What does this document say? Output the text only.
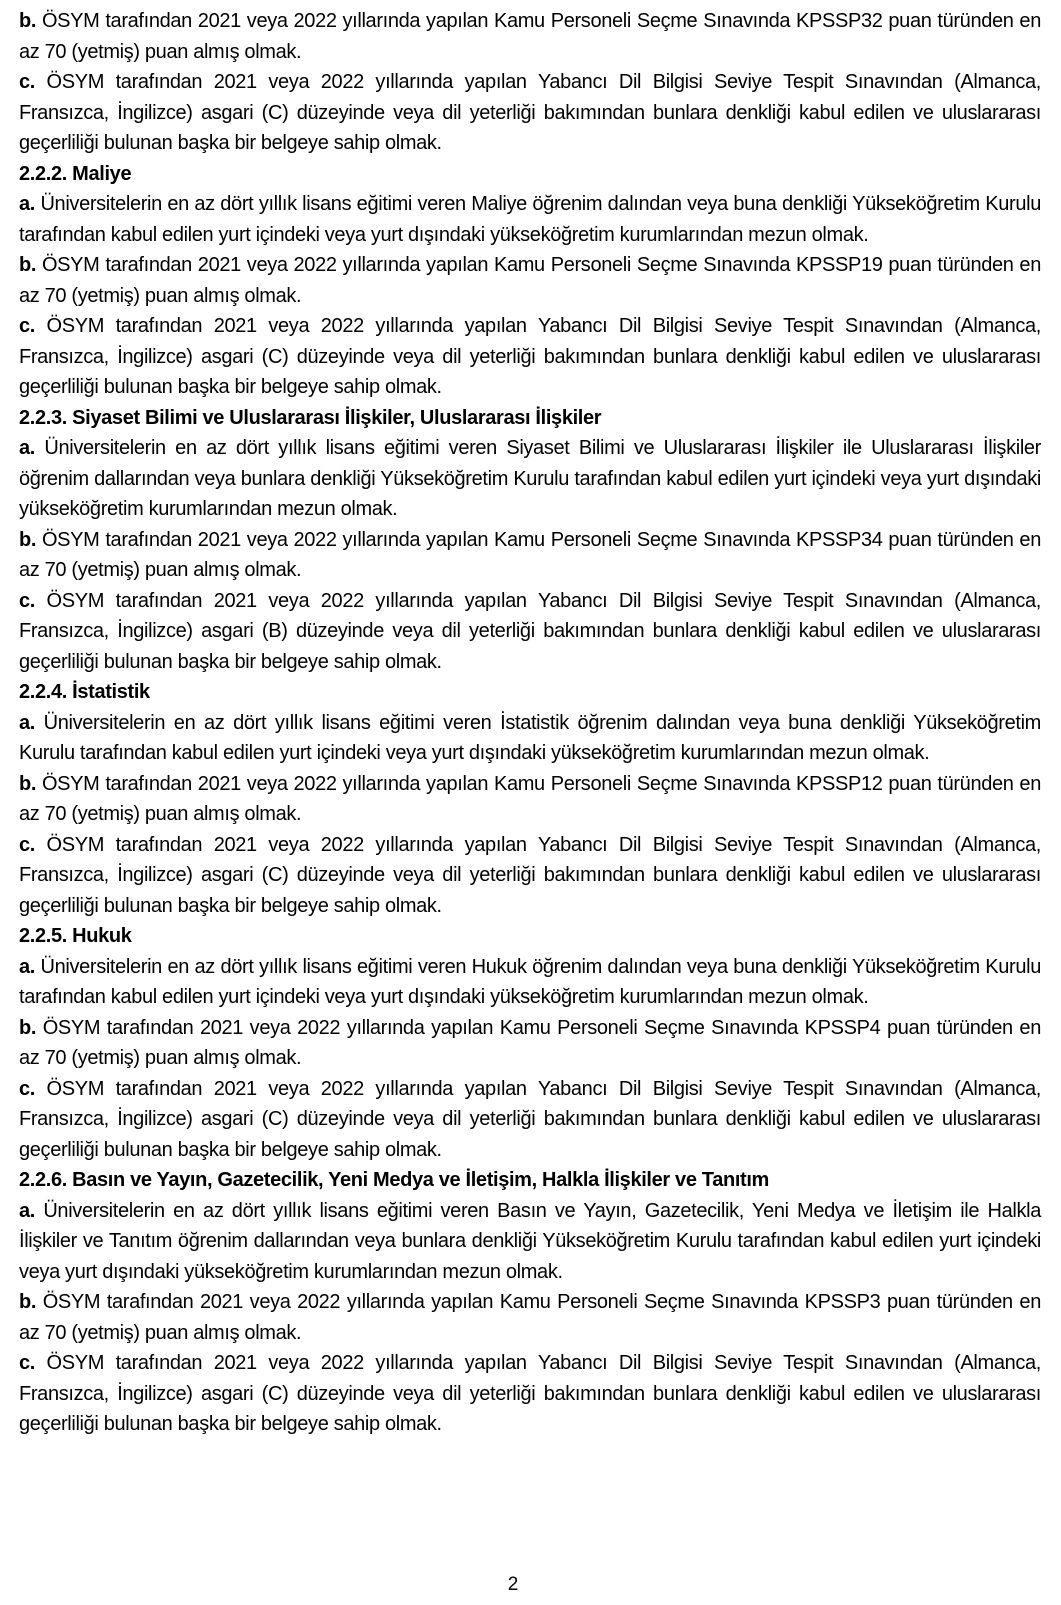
b. ÖSYM tarafından 2021 veya 2022 yıllarında yapılan Kamu Personeli Seçme Sınavında KPSSP32 puan türünden en az 70 (yetmiş) puan almış olmak.

c. ÖSYM tarafından 2021 veya 2022 yıllarında yapılan Yabancı Dil Bilgisi Seviye Tespit Sınavından (Almanca, Fransızca, İngilizce) asgari (C) düzeyinde veya dil yeterliği bakımından bunlara denkliği kabul edilen ve uluslararası geçerliliği bulunan başka bir belgeye sahip olmak.

2.2.2. Maliye

a. Üniversitelerin en az dört yıllık lisans eğitimi veren Maliye öğrenim dalından veya buna denkliği Yükseköğretim Kurulu tarafından kabul edilen yurt içindeki veya yurt dışındaki yükseköğretim kurumlarından mezun olmak.

b. ÖSYM tarafından 2021 veya 2022 yıllarında yapılan Kamu Personeli Seçme Sınavında KPSSP19 puan türünden en az 70 (yetmiş) puan almış olmak.

c. ÖSYM tarafından 2021 veya 2022 yıllarında yapılan Yabancı Dil Bilgisi Seviye Tespit Sınavından (Almanca, Fransızca, İngilizce) asgari (C) düzeyinde veya dil yeterliği bakımından bunlara denkliği kabul edilen ve uluslararası geçerliliği bulunan başka bir belgeye sahip olmak.

2.2.3. Siyaset Bilimi ve Uluslararası İlişkiler, Uluslararası İlişkiler

a. Üniversitelerin en az dört yıllık lisans eğitimi veren Siyaset Bilimi ve Uluslararası İlişkiler ile Uluslararası İlişkiler öğrenim dallarından veya bunlara denkliği Yükseköğretim Kurulu tarafından kabul edilen yurt içindeki veya yurt dışındaki yükseköğretim kurumlarından mezun olmak.

b. ÖSYM tarafından 2021 veya 2022 yıllarında yapılan Kamu Personeli Seçme Sınavında KPSSP34 puan türünden en az 70 (yetmiş) puan almış olmak.

c. ÖSYM tarafından 2021 veya 2022 yıllarında yapılan Yabancı Dil Bilgisi Seviye Tespit Sınavından (Almanca, Fransızca, İngilizce) asgari (B) düzeyinde veya dil yeterliği bakımından bunlara denkliği kabul edilen ve uluslararası geçerliliği bulunan başka bir belgeye sahip olmak.

2.2.4. İstatistik

a. Üniversitelerin en az dört yıllık lisans eğitimi veren İstatistik öğrenim dalından veya buna denkliği Yükseköğretim Kurulu tarafından kabul edilen yurt içindeki veya yurt dışındaki yükseköğretim kurumlarından mezun olmak.

b. ÖSYM tarafından 2021 veya 2022 yıllarında yapılan Kamu Personeli Seçme Sınavında KPSSP12 puan türünden en az 70 (yetmiş) puan almış olmak.

c. ÖSYM tarafından 2021 veya 2022 yıllarında yapılan Yabancı Dil Bilgisi Seviye Tespit Sınavından (Almanca, Fransızca, İngilizce) asgari (C) düzeyinde veya dil yeterliği bakımından bunlara denkliği kabul edilen ve uluslararası geçerliliği bulunan başka bir belgeye sahip olmak.

2.2.5. Hukuk

a. Üniversitelerin en az dört yıllık lisans eğitimi veren Hukuk öğrenim dalından veya buna denkliği Yükseköğretim Kurulu tarafından kabul edilen yurt içindeki veya yurt dışındaki yükseköğretim kurumlarından mezun olmak.

b. ÖSYM tarafından 2021 veya 2022 yıllarında yapılan Kamu Personeli Seçme Sınavında KPSSP4 puan türünden en az 70 (yetmiş) puan almış olmak.

c. ÖSYM tarafından 2021 veya 2022 yıllarında yapılan Yabancı Dil Bilgisi Seviye Tespit Sınavından (Almanca, Fransızca, İngilizce) asgari (C) düzeyinde veya dil yeterliği bakımından bunlara denkliği kabul edilen ve uluslararası geçerliliği bulunan başka bir belgeye sahip olmak.

2.2.6. Basın ve Yayın, Gazetecilik, Yeni Medya ve İletişim, Halkla İlişkiler ve Tanıtım

a. Üniversitelerin en az dört yıllık lisans eğitimi veren Basın ve Yayın, Gazetecilik, Yeni Medya ve İletişim ile Halkla İlişkiler ve Tanıtım öğrenim dallarından veya bunlara denkliği Yükseköğretim Kurulu tarafından kabul edilen yurt içindeki veya yurt dışındaki yükseköğretim kurumlarından mezun olmak.

b. ÖSYM tarafından 2021 veya 2022 yıllarında yapılan Kamu Personeli Seçme Sınavında KPSSP3 puan türünden en az 70 (yetmiş) puan almış olmak.

c. ÖSYM tarafından 2021 veya 2022 yıllarında yapılan Yabancı Dil Bilgisi Seviye Tespit Sınavından (Almanca, Fransızca, İngilizce) asgari (C) düzeyinde veya dil yeterliği bakımından bunlara denkliği kabul edilen ve uluslararası geçerliliği bulunan başka bir belgeye sahip olmak.

2
